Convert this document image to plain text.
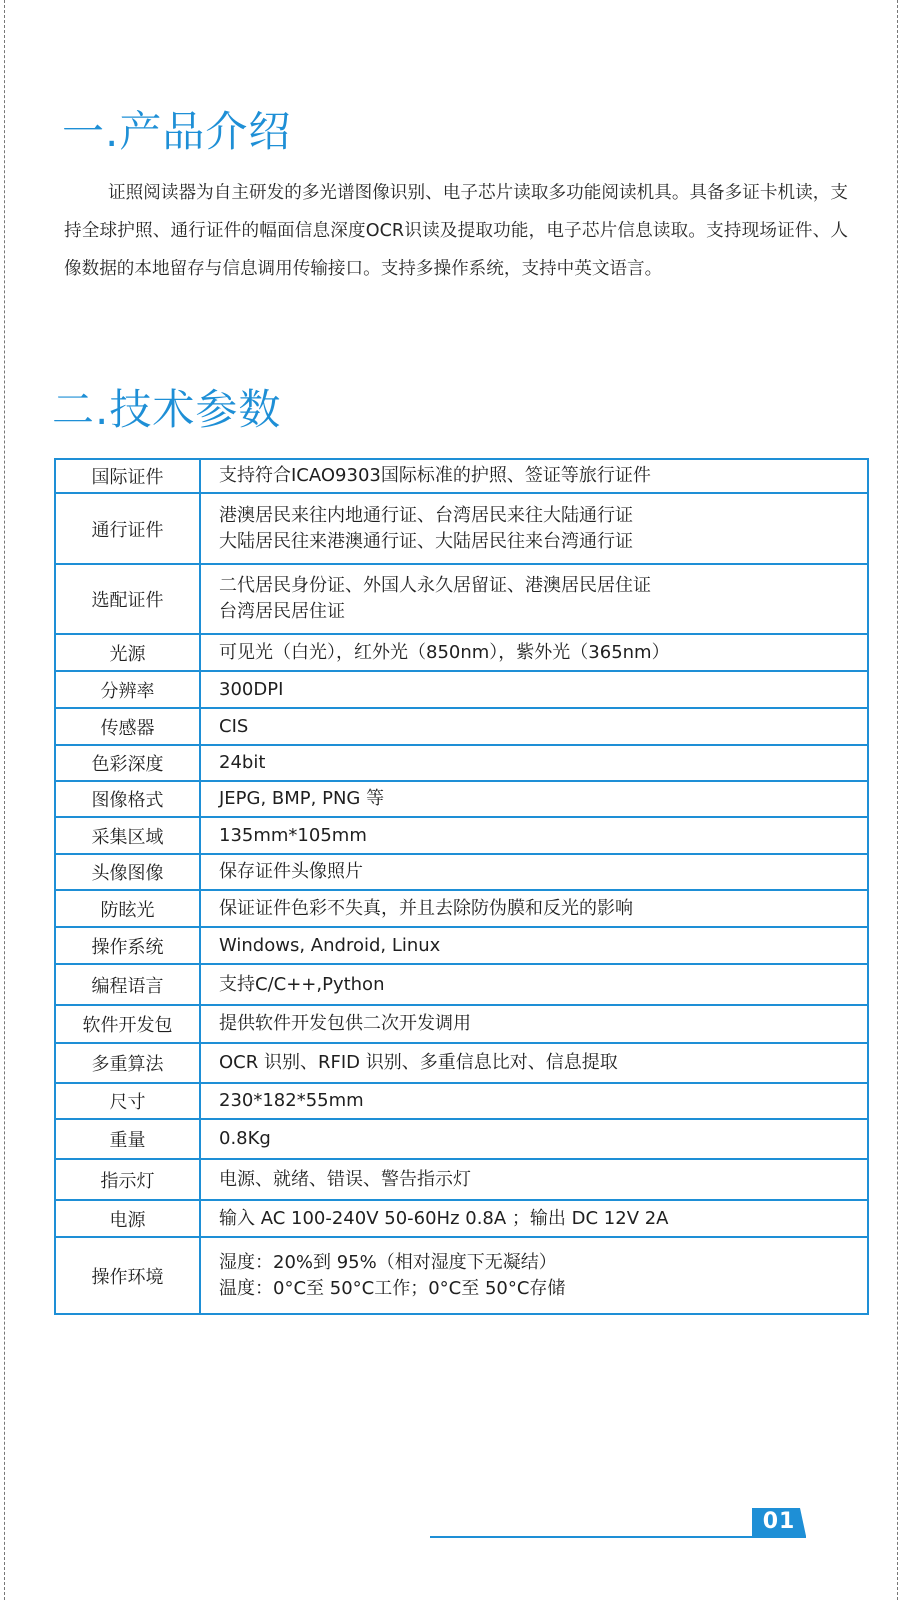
一.产品介绍

证照阅读器为自主研发的多光谱图像识别、电子芯片读取多功能阅读机具。具备多证卡机读，支持全球护照、通行证件的幅面信息深度OCR识读及提取功能，电子芯片信息读取。支持现场证件、人像数据的本地留存与信息调用传输接口。支持多操作系统，支持中英文语言。

二.技术参数
国际证件	支持符合ICAO9303国际标准的护照、签证等旅行证件

通行证件	港澳居民来往内地通行证、台湾居民来往大陆通行证
大陆居民往来港澳通行证、大陆居民往来台湾通行证

选配证件	二代居民身份证、外国人永久居留证、港澳居民居住证
台湾居民居住证

光源	可见光（白光），红外光（850nm），紫外光（365nm）

分辨率	300DPI

传感器	CIS

色彩深度	24bit

图像格式	JEPG, BMP, PNG 等

采集区域	135mm*105mm

头像图像	保存证件头像照片

防眩光	保证证件色彩不失真，并且去除防伪膜和反光的影响

操作系统	Windows, Android, Linux

编程语言	支持C/C++,Python

软件开发包	提供软件开发包供二次开发调用

多重算法	OCR 识别、RFID 识别、多重信息比对、信息提取

尺寸	230*182*55mm

重量	0.8Kg

指示灯	电源、就绪、错误、警告指示灯

电源	输入 AC 100-240V 50-60Hz 0.8A ；输出 DC 12V 2A

操作环境	湿度：20%到 95%（相对湿度下无凝结）
温度：0°C至 50°C工作；0°C至 50°C存储
01
